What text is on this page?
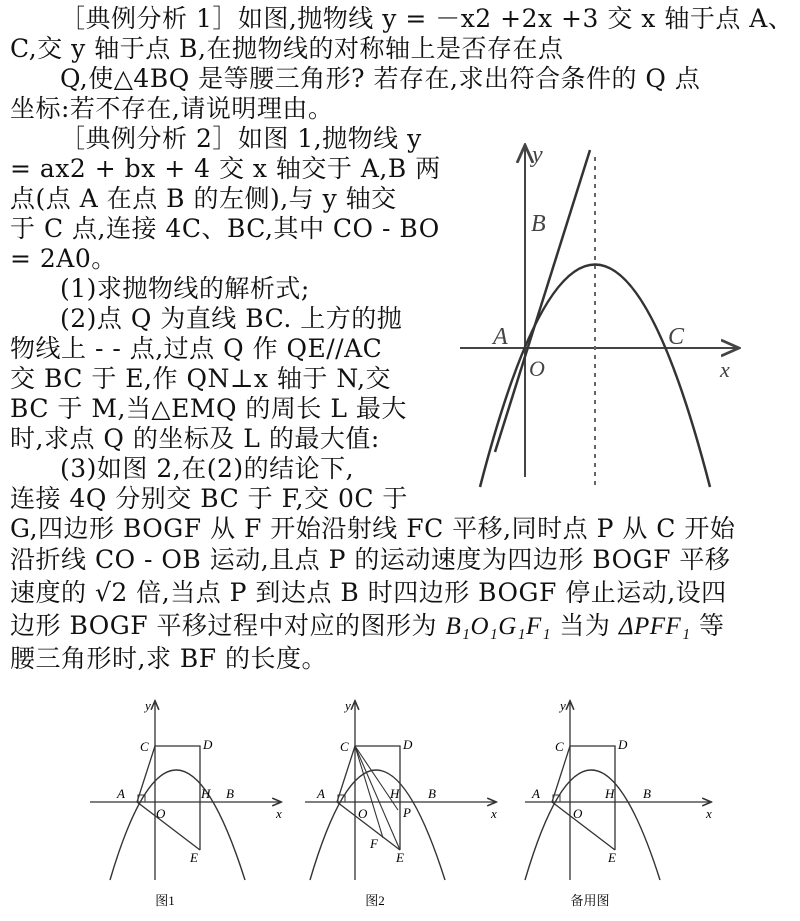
［典例分析 1］如图,抛物线 y = －x2 +2x +3 交 x 轴于点 A、
C,交 y 轴于点 B,在抛物线的对称轴上是否存在点
Q,使△4BQ 是等腰三角形? 若存在,求出符合条件的 Q 点
坐标:若不存在,请说明理由。
［典例分析 2］如图 1,抛物线 y
= ax2 + bx + 4 交 x 轴交于 A,B 两
点(点 A 在点 B 的左侧),与 y 轴交
于 C 点,连接 4C、BC,其中 CO - BO
= 2A0。
(1)求抛物线的解析式;
(2)点 Q 为直线 BC. 上方的抛
物线上 - - 点,过点 Q 作 QE//AC
交 BC 于 E,作 QN⊥x 轴于 N,交
BC 于 M,当△EMQ 的周长 L 最大
时,求点 Q 的坐标及 L 的最大值:
(3)如图 2,在(2)的结论下,
连接 4Q 分别交 BC 于 F,交 0C 于
G,四边形 BOGF 从 F 开始沿射线 FC 平移,同时点 P 从 C 开始
沿折线 CO - OB 运动,且点 P 的运动速度为四边形 BOGF 平移
速度的 √2 倍,当点 P 到达点 B 时四边形 BOGF 停止运动,设四
边形 BOGF 平移过程中对应的图形为 B₁O₁G₁F₁ 当为 ΔPFF₁ 等
腰三角形时,求 BF 的长度。
y
x
A
B
C
O
y
x
A
C	D
O
H B
E
图1
y
x
A
C	D
O
H B
P
F
E
图2
y
x
A
C	D
O
H B
E
备用图
